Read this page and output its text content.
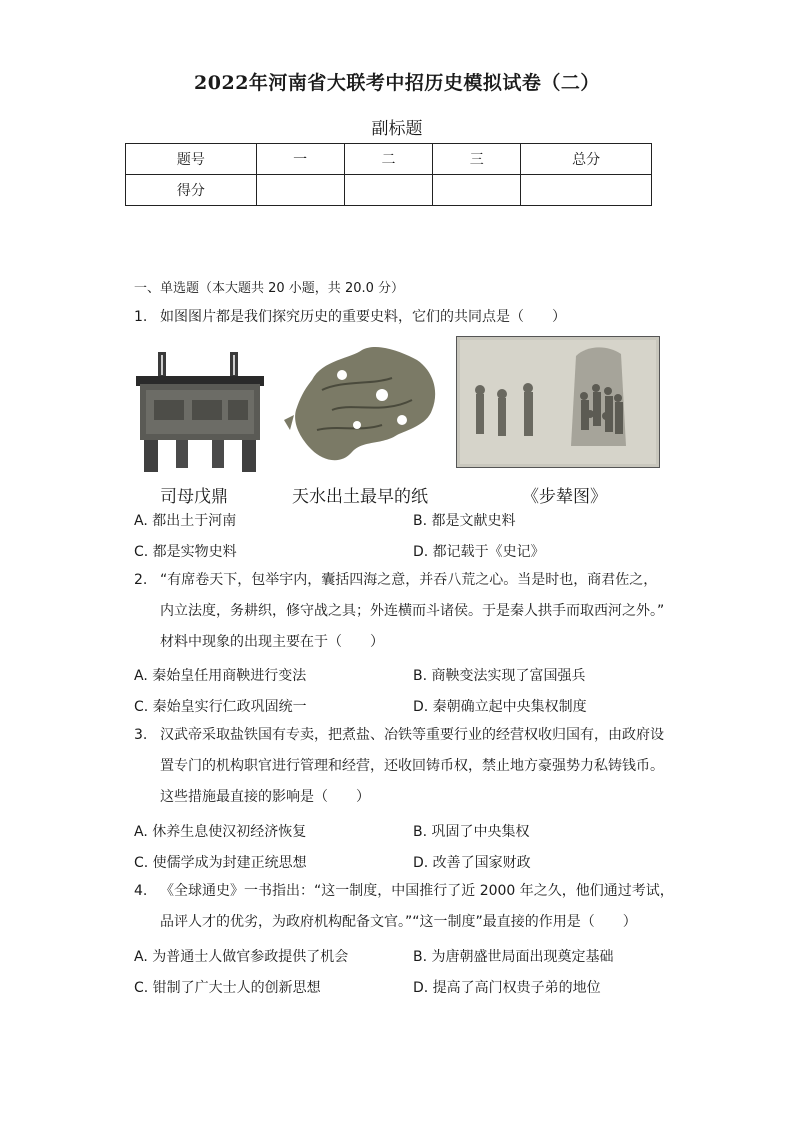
2022年河南省大联考中招历史模拟试卷（二）
副标题
题号	一	二	三	总分
得分				
一、单选题（本大题共 20 小题，共 20.0 分）
1. 如图图片都是我们探究历史的重要史料，它们的共同点是（　　）
司母戊鼎	天水出土最早的纸	《步辇图》
A. 都出土于河南	B. 都是文献史料
C. 都是实物史料	D. 都记载于《史记》
2. “有席卷天下，包举宇内，囊括四海之意，并吞八荒之心。当是时也，商君佐之，
内立法度，务耕织，修守战之具；外连横而斗诸侯。于是秦人拱手而取西河之外。”
材料中现象的出现主要在于（　　）
A. 秦始皇任用商鞅进行变法	B. 商鞅变法实现了富国强兵
C. 秦始皇实行仁政巩固统一	D. 秦朝确立起中央集权制度
3. 汉武帝采取盐铁国有专卖，把煮盐、冶铁等重要行业的经营权收归国有，由政府设
置专门的机构职官进行管理和经营，还收回铸币权，禁止地方豪强势力私铸钱币。
这些措施最直接的影响是（　　）
A. 休养生息使汉初经济恢复	B. 巩固了中央集权
C. 使儒学成为封建正统思想	D. 改善了国家财政
4. 《全球通史》一书指出：“这一制度，中国推行了近 2000 年之久，他们通过考试，
品评人才的优劣，为政府机构配备文官。”“这一制度”最直接的作用是（　　）
A. 为普通士人做官参政提供了机会	B. 为唐朝盛世局面出现奠定基础
C. 钳制了广大士人的创新思想	D. 提高了高门权贵子弟的地位
